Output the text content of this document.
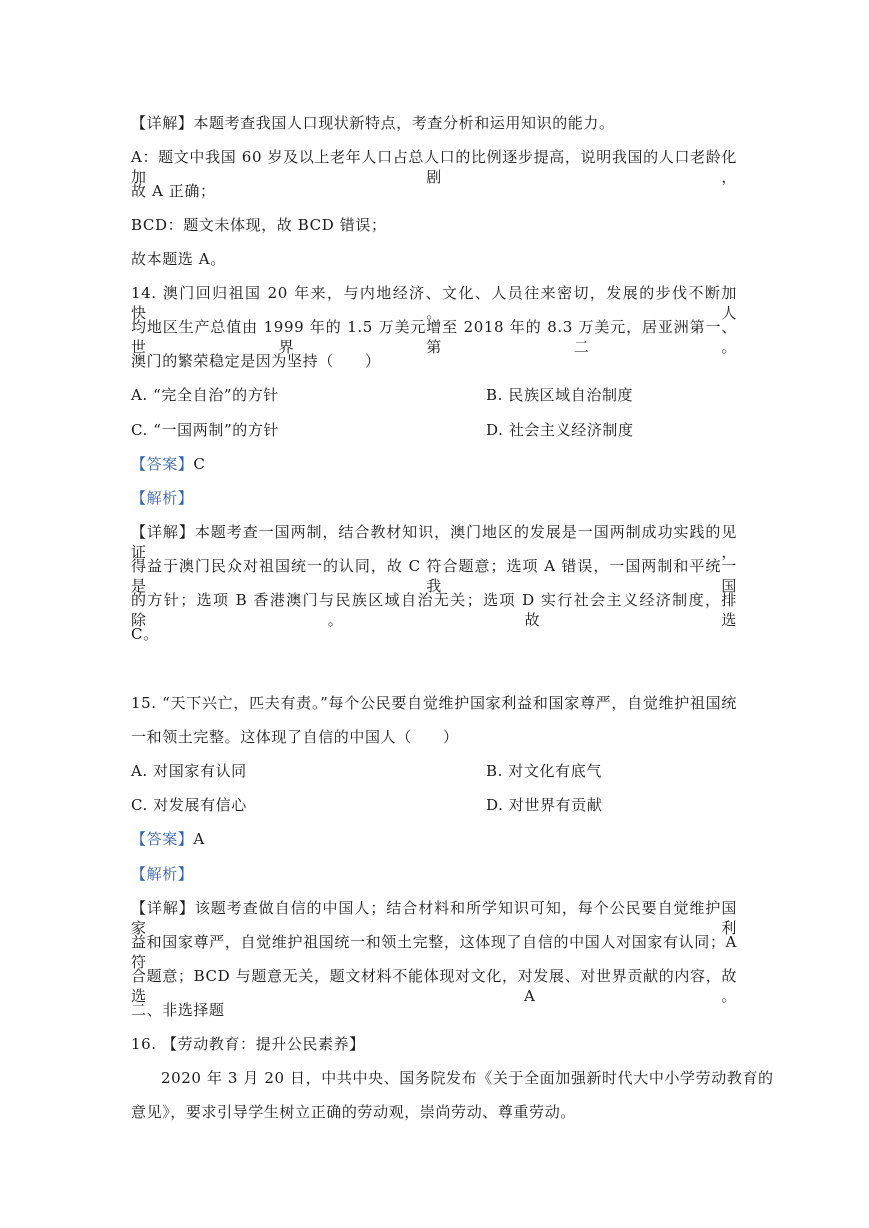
【详解】本题考查我国人口现状新特点，考查分析和运用知识的能力。
A：题文中我国 60 岁及以上老年人口占总人口的比例逐步提高，说明我国的人口老龄化加剧，
故 A 正确；
BCD：题文未体现，故 BCD 错误；
故本题选 A。
14. 澳门回归祖国 20 年来，与内地经济、文化、人员往来密切，发展的步伐不断加快。人
均地区生产总值由 1999 年的 1.5 万美元增至 2018 年的 8.3 万美元，居亚洲第一、世界第二。
澳门的繁荣稳定是因为坚持（　　）
A. “完全自治”的方针	B. 民族区域自治制度
C. “一国两制”的方针	D. 社会主义经济制度
【答案】C
【解析】
【详解】本题考查一国两制，结合教材知识，澳门地区的发展是一国两制成功实践的见证，
得益于澳门民众对祖国统一的认同，故 C 符合题意；选项 A 错误，一国两制和平统一是我国
的方针；选项 B 香港澳门与民族区域自治无关；选项 D 实行社会主义经济制度，排除。故选
C。
15. “天下兴亡，匹夫有责。”每个公民要自觉维护国家利益和国家尊严，自觉维护祖国统
一和领土完整。这体现了自信的中国人（　　）
A. 对国家有认同	B. 对文化有底气
C. 对发展有信心	D. 对世界有贡献
【答案】A
【解析】
【详解】该题考查做自信的中国人；结合材料和所学知识可知，每个公民要自觉维护国家利
益和国家尊严，自觉维护祖国统一和领土完整，这体现了自信的中国人对国家有认同；A 符
合题意；BCD 与题意无关，题文材料不能体现对文化，对发展、对世界贡献的内容，故选 A。
二、非选择题
16. 【劳动教育：提升公民素养】
2020 年 3 月 20 日，中共中央、国务院发布《关于全面加强新时代大中小学劳动教育的
意见》，要求引导学生树立正确的劳动观，崇尚劳动、尊重劳动。
